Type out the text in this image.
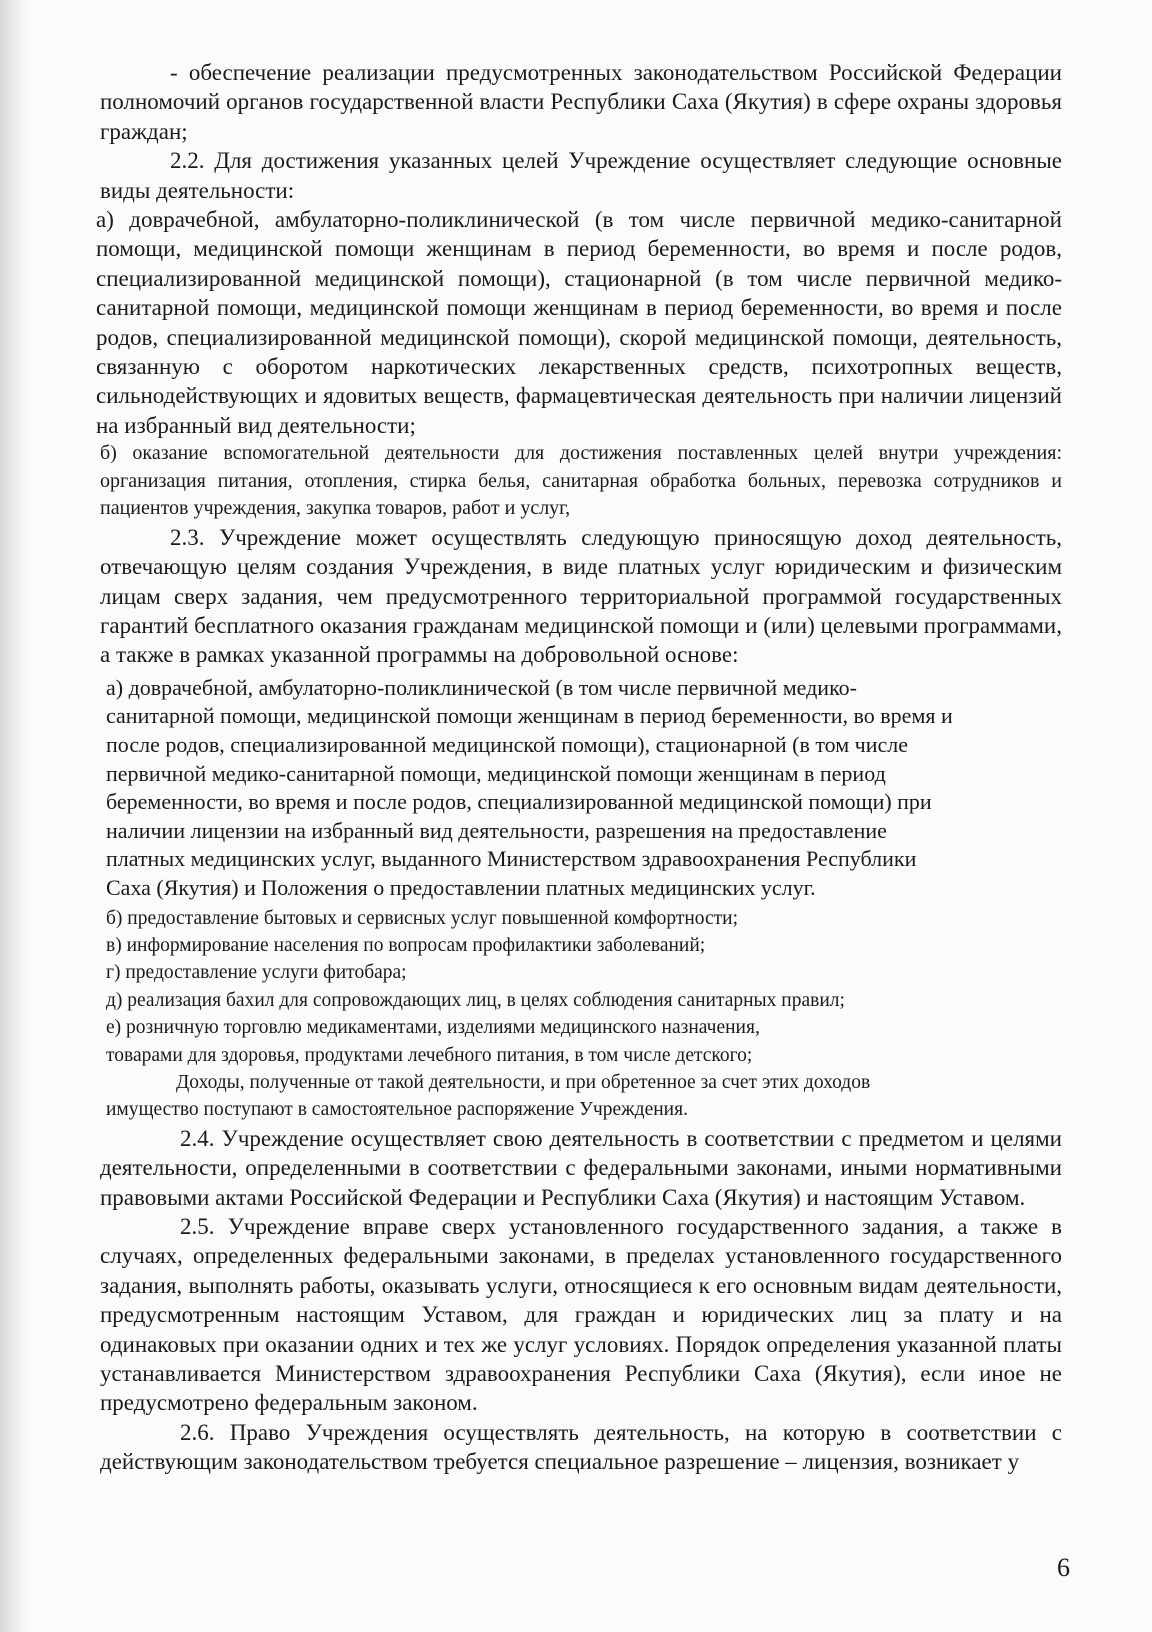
- обеспечение реализации предусмотренных законодательством Российской Федерации полномочий органов государственной власти Республики Саха (Якутия) в сфере охраны здоровья граждан;

2.2. Для достижения указанных целей Учреждение осуществляет следующие основные виды деятельности:

а) доврачебной, амбулаторно-поликлинической (в том числе первичной медико-санитарной помощи, медицинской помощи женщинам в период беременности, во время и после родов, специализированной медицинской помощи), стационарной (в том числе первичной медико-санитарной помощи, медицинской помощи женщинам в период беременности, во время и после родов, специализированной медицинской помощи), скорой медицинской помощи, деятельность, связанную с оборотом наркотических лекарственных средств, психотропных веществ, сильнодействующих и ядовитых веществ, фармацевтическая деятельность при наличии лицензий на избранный вид деятельности;

б) оказание вспомогательной деятельности для достижения поставленных целей внутри учреждения: организация питания, отопления, стирка белья, санитарная обработка больных, перевозка сотрудников и пациентов учреждения, закупка товаров, работ и услуг,

2.3. Учреждение может осуществлять следующую приносящую доход деятельность, отвечающую целям создания Учреждения, в виде платных услуг юридическим и физическим лицам сверх задания, чем предусмотренного территориальной программой государственных гарантий бесплатного оказания гражданам медицинской помощи и (или) целевыми программами, а также в рамках указанной программы на добровольной основе:

а) доврачебной, амбулаторно-поликлинической (в том числе первичной медико-

санитарной помощи, медицинской помощи женщинам в период беременности, во время и

после родов, специализированной медицинской помощи), стационарной (в том числе

первичной медико-санитарной помощи, медицинской помощи женщинам в период

беременности, во время и после родов, специализированной медицинской помощи) при

наличии лицензии на избранный вид деятельности, разрешения на предоставление

платных медицинских услуг, выданного Министерством здравоохранения Республики

Саха (Якутия) и Положения о предоставлении платных медицинских услуг.

б) предоставление бытовых и сервисных услуг повышенной комфортности;

в) информирование населения по вопросам профилактики заболеваний;

г) предоставление услуги фитобара;

д) реализация бахил для сопровождающих лиц, в целях соблюдения санитарных правил;

е) розничную торговлю медикаментами, изделиями медицинского назначения,

товарами для здоровья, продуктами лечебного питания, в том числе детского;

Доходы, полученные от такой деятельности, и при обретенное за счет этих доходов

имущество поступают в самостоятельное распоряжение Учреждения.

2.4. Учреждение осуществляет свою деятельность в соответствии с предметом и целями деятельности, определенными в соответствии с федеральными законами, иными нормативными правовыми актами Российской Федерации и Республики Саха (Якутия) и настоящим Уставом.

2.5. Учреждение вправе сверх установленного государственного задания, а также в случаях, определенных федеральными законами, в пределах установленного государственного задания, выполнять работы, оказывать услуги, относящиеся к его основным видам деятельности, предусмотренным настоящим Уставом, для граждан и юридических лиц за плату и на одинаковых при оказании одних и тех же услуг условиях. Порядок определения указанной платы устанавливается Министерством здравоохранения Республики Саха (Якутия), если иное не предусмотрено федеральным законом.

2.6. Право Учреждения осуществлять деятельность, на которую в соответствии с действующим законодательством требуется специальное разрешение – лицензия, возникает у

6
